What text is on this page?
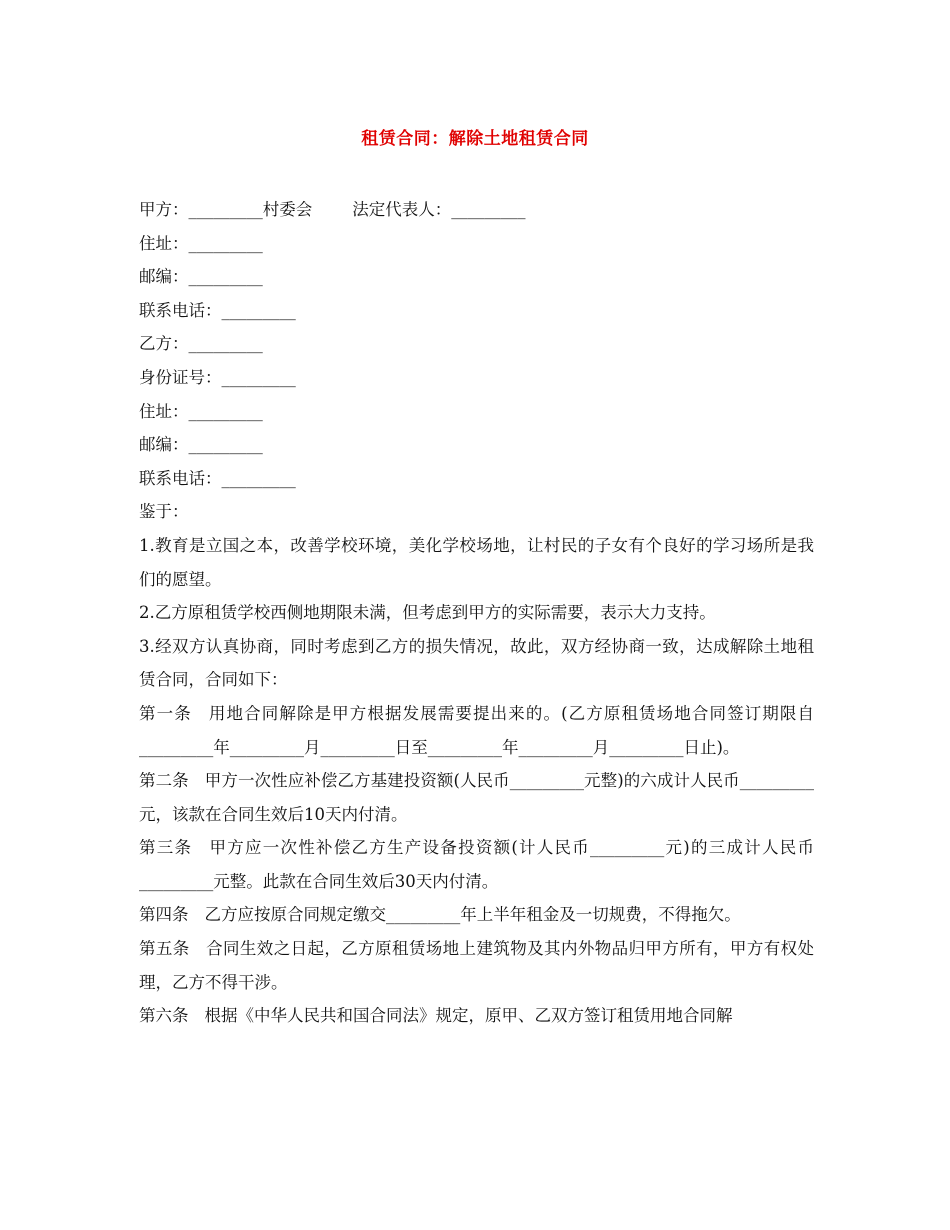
租赁合同：解除土地租赁合同

甲方：_________村委会 法定代表人：_________

住址：_________

邮编：_________

联系电话：_________

乙方：_________

身份证号：_________

住址：_________

邮编：_________

联系电话：_________

鉴于：

1.教育是立国之本，改善学校环境，美化学校场地，让村民的子女有个良好的学习场所是我们的愿望。

2.乙方原租赁学校西侧地期限未满，但考虑到甲方的实际需要，表示大力支持。

3.经双方认真协商，同时考虑到乙方的损失情况，故此，双方经协商一致，达成解除土地租赁合同，合同如下：

第一条 用地合同解除是甲方根据发展需要提出来的。(乙方原租赁场地合同签订期限自_________年_________月_________日至_________年_________月_________日止)。

第二条 甲方一次性应补偿乙方基建投资额(人民币_________元整)的六成计人民币_________元，该款在合同生效后10天内付清。

第三条 甲方应一次性补偿乙方生产设备投资额(计人民币_________元)的三成计人民币_________元整。此款在合同生效后30天内付清。

第四条 乙方应按原合同规定缴交_________年上半年租金及一切规费，不得拖欠。

第五条 合同生效之日起，乙方原租赁场地上建筑物及其内外物品归甲方所有，甲方有权处理，乙方不得干涉。

第六条 根据《中华人民共和国合同法》规定，原甲、乙双方签订租赁用地合同解
